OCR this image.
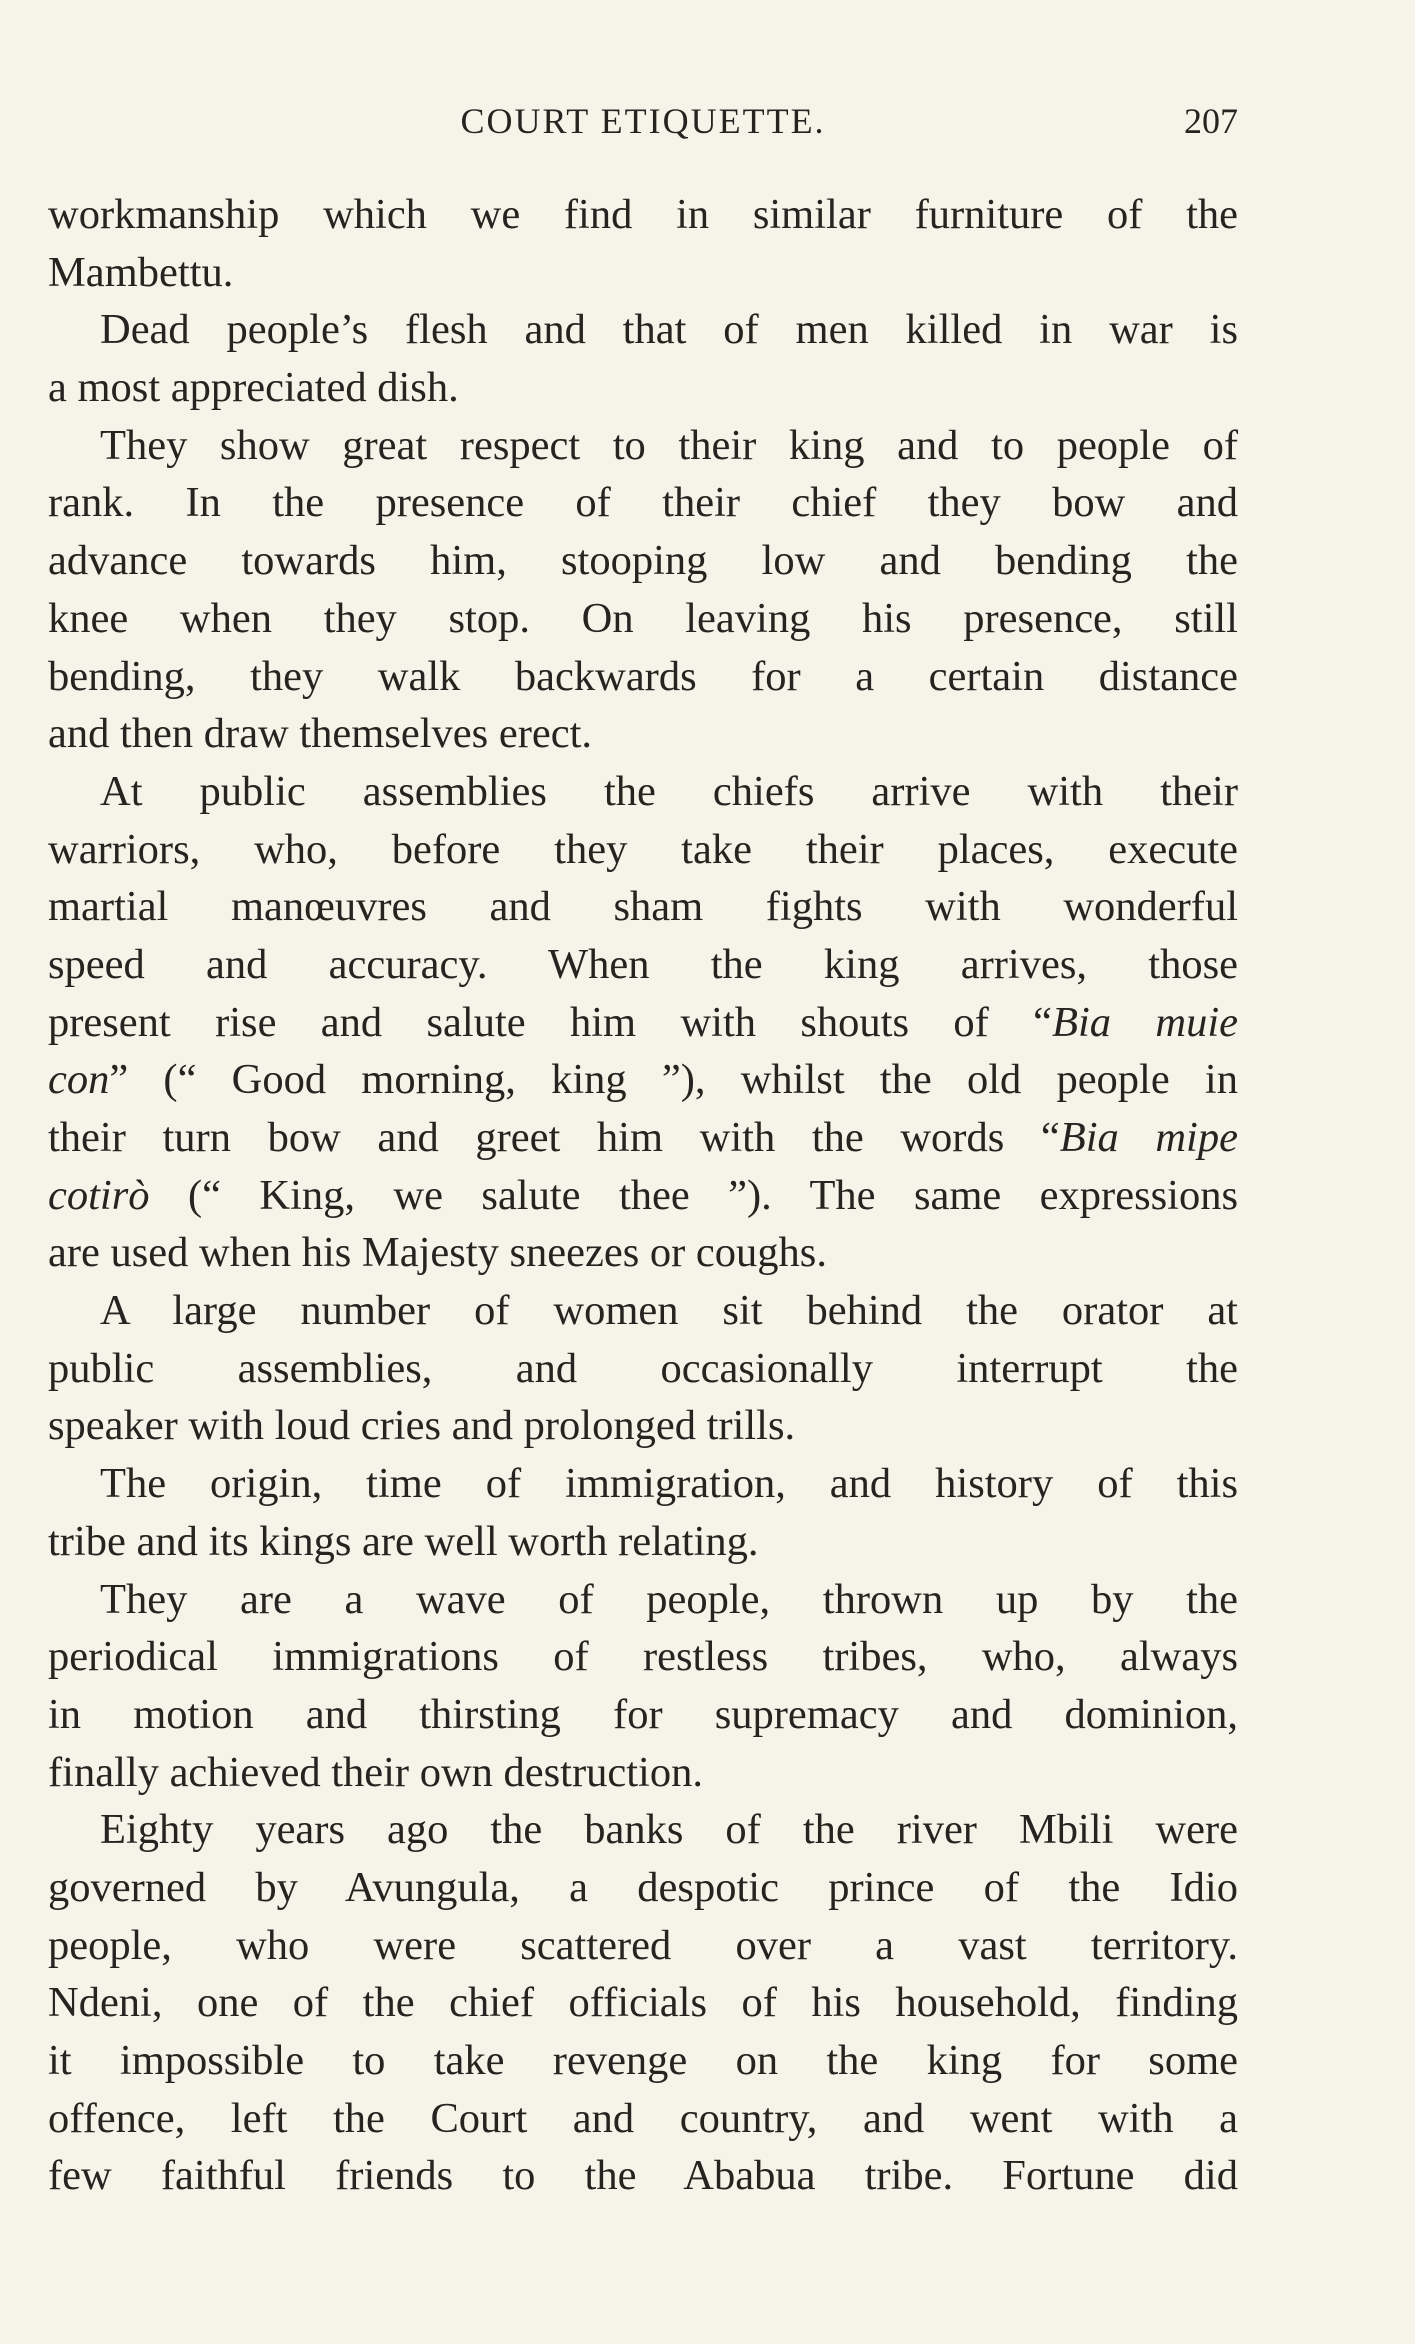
COURT ETIQUETTE.	207
workmanship which we find in similar furniture of the
Mambettu.
Dead people’s flesh and that of men killed in war is
a most appreciated dish.
They show great respect to their king and to people of
rank. In the presence of their chief they bow and
advance towards him, stooping low and bending the
knee when they stop. On leaving his presence, still
bending, they walk backwards for a certain distance
and then draw themselves erect.
At public assemblies the chiefs arrive with their
warriors, who, before they take their places, execute
martial manœuvres and sham fights with wonderful
speed and accuracy. When the king arrives, those
present rise and salute him with shouts of “Bia muie
con” (“ Good morning, king ”), whilst the old people in
their turn bow and greet him with the words “Bia mipe
cotirò (“ King, we salute thee ”). The same expressions
are used when his Majesty sneezes or coughs.
A large number of women sit behind the orator at
public assemblies, and occasionally interrupt the
speaker with loud cries and prolonged trills.
The origin, time of immigration, and history of this
tribe and its kings are well worth relating.
They are a wave of people, thrown up by the
periodical immigrations of restless tribes, who, always
in motion and thirsting for supremacy and dominion,
finally achieved their own destruction.
Eighty years ago the banks of the river Mbili were
governed by Avungula, a despotic prince of the Idio
people, who were scattered over a vast territory.
Ndeni, one of the chief officials of his household, finding
it impossible to take revenge on the king for some
offence, left the Court and country, and went with a
few faithful friends to the Ababua tribe. Fortune did
